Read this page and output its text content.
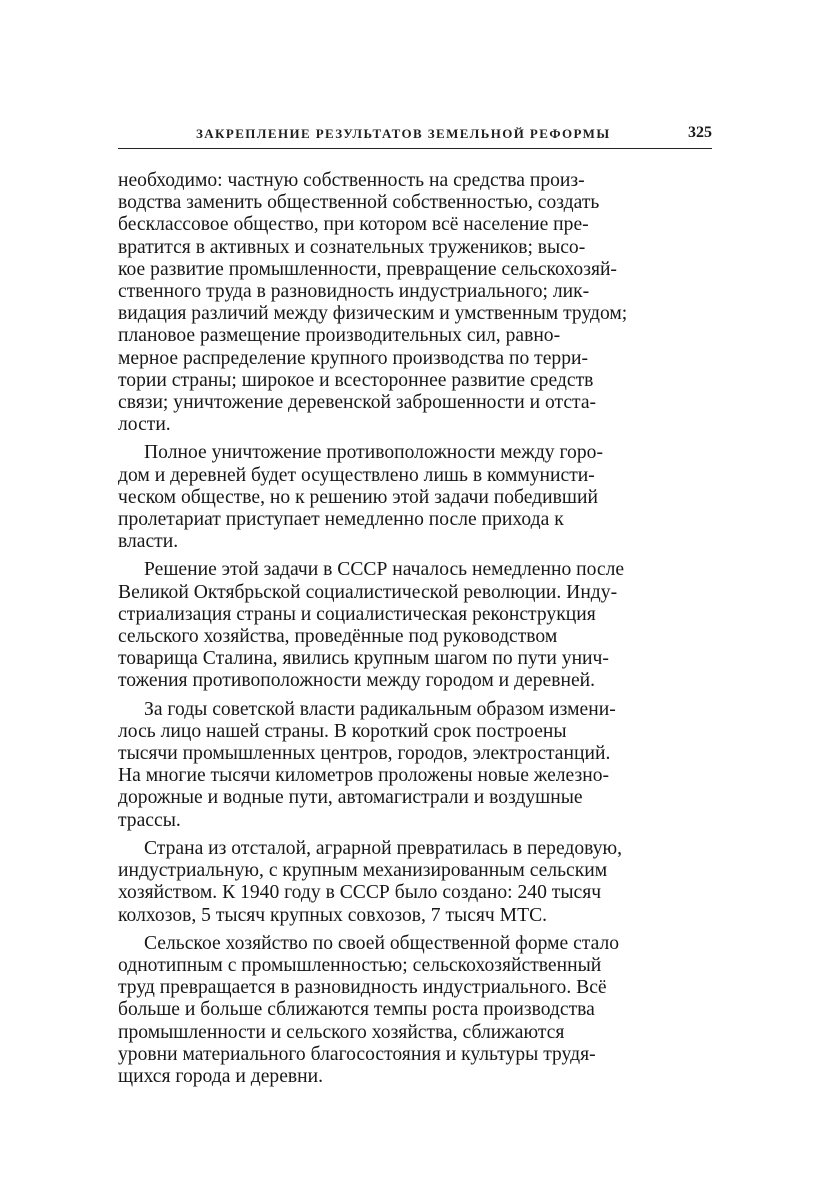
ЗАКРЕПЛЕНИЕ РЕЗУЛЬТАТОВ ЗЕМЕЛЬНОЙ РЕФОРМЫ	325
необходимо: частную собственность на средства произ-
водства заменить общественной собственностью, создать
бесклассовое общество, при котором всё население пре-
вратится в активных и сознательных тружеников; высо-
кое развитие промышленности, превращение сельскохозяй-
ственного труда в разновидность индустриального; лик-
видация различий между физическим и умственным трудом;
плановое размещение производительных сил, равно-
мерное распределение крупного производства по терри-
тории страны; широкое и всестороннее развитие средств
связи; уничтожение деревенской заброшенности и отста-
лости.
Полное уничтожение противоположности между горо-
дом и деревней будет осуществлено лишь в коммунисти-
ческом обществе, но к решению этой задачи победивший
пролетариат приступает немедленно после прихода к
власти.
Решение этой задачи в СССР началось немедленно после
Великой Октябрьской социалистической революции. Инду-
стриализация страны и социалистическая реконструкция
сельского хозяйства, проведённые под руководством
товарища Сталина, явились крупным шагом по пути унич-
тожения противоположности между городом и деревней.
За годы советской власти радикальным образом измени-
лось лицо нашей страны. В короткий срок построены
тысячи промышленных центров, городов, электростанций.
На многие тысячи километров проложены новые железно-
дорожные и водные пути, автомагистрали и воздушные
трассы.
Страна из отсталой, аграрной превратилась в передовую,
индустриальную, с крупным механизированным сельским
хозяйством. К 1940 году в СССР было создано: 240 тысяч
колхозов, 5 тысяч крупных совхозов, 7 тысяч МТС.
Сельское хозяйство по своей общественной форме стало
однотипным с промышленностью; сельскохозяйственный
труд превращается в разновидность индустриального. Всё
больше и больше сближаются темпы роста производства
промышленности и сельского хозяйства, сближаются
уровни материального благосостояния и культуры трудя-
щихся города и деревни.
